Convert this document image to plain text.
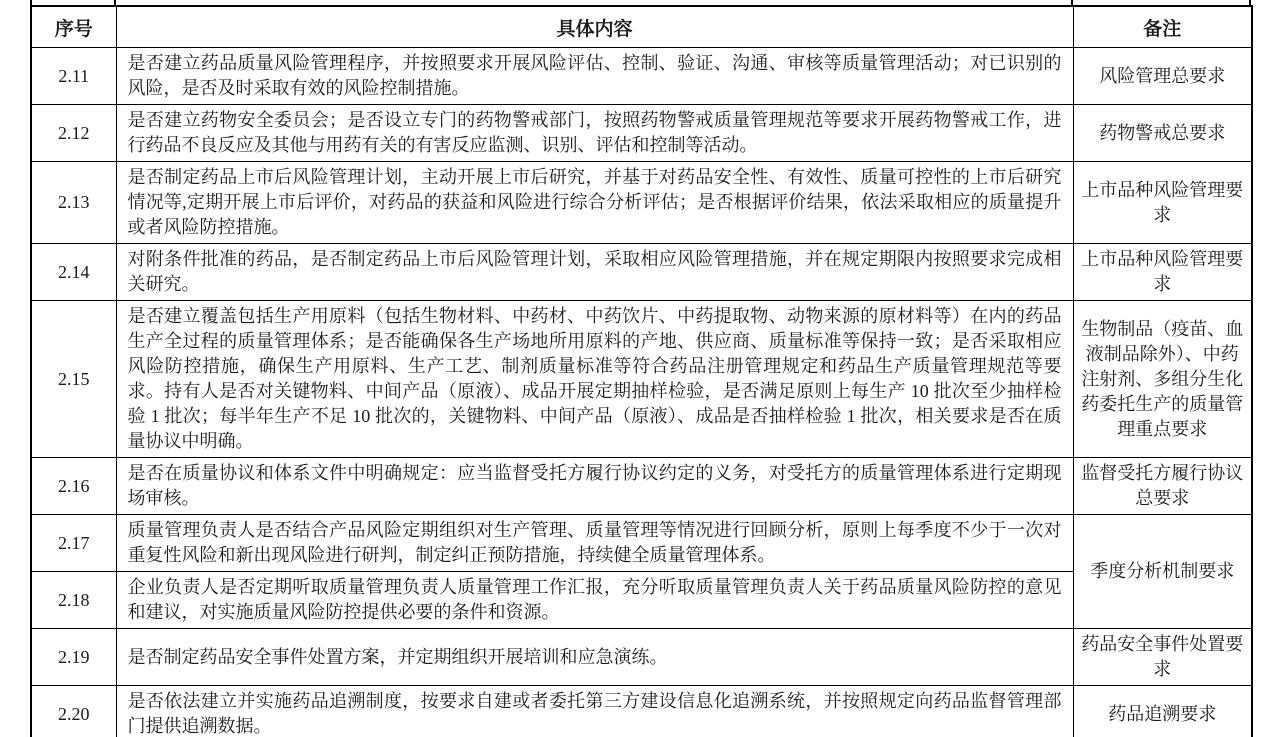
序号	具体内容	备注
2.11	是否建立药品质量风险管理程序，并按照要求开展风险评估、控制、验证、沟通、审核等质量管理活动；对已识别的风险，是否及时采取有效的风险控制措施。	风险管理总要求
2.12	是否建立药物安全委员会；是否设立专门的药物警戒部门，按照药物警戒质量管理规范等要求开展药物警戒工作，进行药品不良反应及其他与用药有关的有害反应监测、识别、评估和控制等活动。	药物警戒总要求
2.13	是否制定药品上市后风险管理计划，主动开展上市后研究，并基于对药品安全性、有效性、质量可控性的上市后研究情况等,定期开展上市后评价，对药品的获益和风险进行综合分析评估；是否根据评价结果，依法采取相应的质量提升或者风险防控措施。	上市品种风险管理要求
2.14	对附条件批准的药品，是否制定药品上市后风险管理计划，采取相应风险管理措施，并在规定期限内按照要求完成相关研究。	上市品种风险管理要求
2.15	是否建立覆盖包括生产用原料（包括生物材料、中药材、中药饮片、中药提取物、动物来源的原材料等）在内的药品生产全过程的质量管理体系；是否能确保各生产场地所用原料的产地、供应商、质量标准等保持一致；是否采取相应风险防控措施，确保生产用原料、生产工艺、制剂质量标准等符合药品注册管理规定和药品生产质量管理规范等要求。持有人是否对关键物料、中间产品（原液）、成品开展定期抽样检验，是否满足原则上每生产 10 批次至少抽样检验 1 批次；每半年生产不足 10 批次的，关键物料、中间产品（原液）、成品是否抽样检验 1 批次，相关要求是否在质量协议中明确。	生物制品（疫苗、血液制品除外）、中药注射剂、多组分生化药委托生产的质量管理重点要求
2.16	是否在质量协议和体系文件中明确规定：应当监督受托方履行协议约定的义务，对受托方的质量管理体系进行定期现场审核。	监督受托方履行协议总要求
2.17	质量管理负责人是否结合产品风险定期组织对生产管理、质量管理等情况进行回顾分析，原则上每季度不少于一次对重复性风险和新出现风险进行研判，制定纠正预防措施，持续健全质量管理体系。	季度分析机制要求
2.18	企业负责人是否定期听取质量管理负责人质量管理工作汇报，充分听取质量管理负责人关于药品质量风险防控的意见和建议，对实施质量风险防控提供必要的条件和资源。	
2.19	是否制定药品安全事件处置方案，并定期组织开展培训和应急演练。	药品安全事件处置要求
2.20	是否依法建立并实施药品追溯制度，按要求自建或者委托第三方建设信息化追溯系统，并按照规定向药品监督管理部门提供追溯数据。	药品追溯要求
